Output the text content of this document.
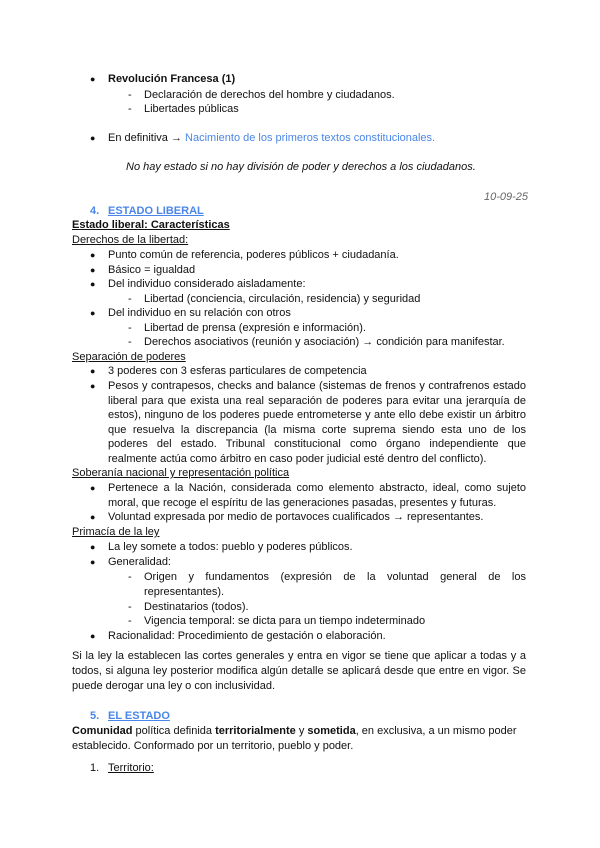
● Revolución Francesa (1)
- Declaración de derechos del hombre y ciudadanos.
- Libertades públicas
● En definitiva → Nacimiento de los primeros textos constitucionales.
No hay estado si no hay división de poder y derechos a los ciudadanos.
10-09-25
4. ESTADO LIBERAL
Estado liberal: Características
Derechos de la libertad:
● Punto común de referencia, poderes públicos + ciudadanía.
● Básico = igualdad
● Del individuo considerado aisladamente:
- Libertad (conciencia, circulación, residencia) y seguridad
● Del individuo en su relación con otros
- Libertad de prensa (expresión e información).
- Derechos asociativos (reunión y asociación) → condición para manifestar.
Separación de poderes
● 3 poderes con 3 esferas particulares de competencia
● Pesos y contrapesos, checks and balance (sistemas de frenos y contrafrenos estado
liberal para que exista una real separación de poderes para evitar una jerarquía de
estos), ninguno de los poderes puede entrometerse y ante ello debe existir un árbitro
que resuelva la discrepancia (la misma corte suprema siendo esta uno de los
poderes del estado. Tribunal constitucional como órgano independiente que
realmente actúa como árbitro en caso poder judicial esté dentro del conflicto).
Soberanía nacional y representación política
● Pertenece a la Nación, considerada como elemento abstracto, ideal, como sujeto
moral, que recoge el espíritu de las generaciones pasadas, presentes y futuras.
● Voluntad expresada por medio de portavoces cualificados → representantes.
Primacía de la ley
● La ley somete a todos: pueblo y poderes públicos.
● Generalidad:
- Origen y fundamentos (expresión de la voluntad general de los
representantes).
- Destinatarios (todos).
- Vigencia temporal: se dicta para un tiempo indeterminado
● Racionalidad: Procedimiento de gestación o elaboración.
Si la ley la establecen las cortes generales y entra en vigor se tiene que aplicar a todas y a
todos, si alguna ley posterior modifica algún detalle se aplicará desde que entre en vigor. Se
puede derogar una ley o con inclusividad.
5. EL ESTADO
Comunidad política definida territorialmente y sometida, en exclusiva, a un mismo poder
establecido. Conformado por un territorio, pueblo y poder.
1. Territorio:
